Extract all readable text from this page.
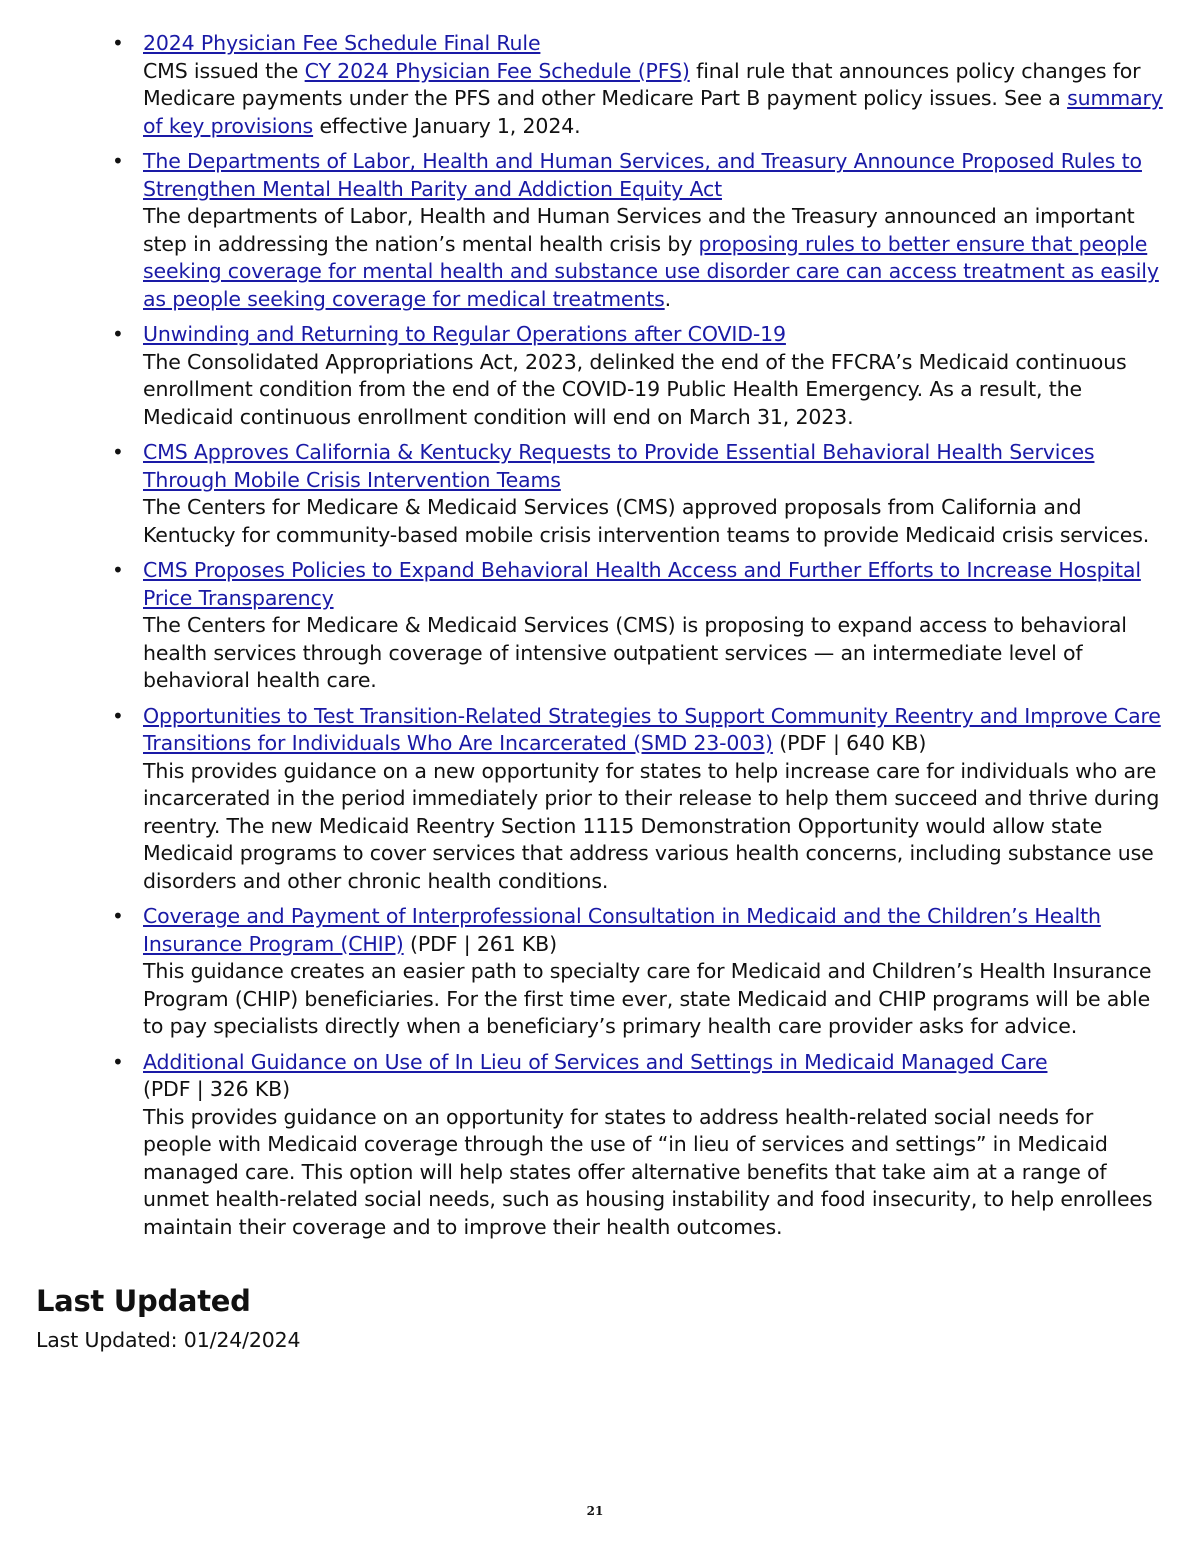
• 2024 Physician Fee Schedule Final Rule
CMS issued the CY 2024 Physician Fee Schedule (PFS) final rule that announces policy changes for Medicare payments under the PFS and other Medicare Part B payment policy issues. See a summary of key provisions effective January 1, 2024.
• The Departments of Labor, Health and Human Services, and Treasury Announce Proposed Rules to Strengthen Mental Health Parity and Addiction Equity Act
The departments of Labor, Health and Human Services and the Treasury announced an important step in addressing the nation’s mental health crisis by proposing rules to better ensure that people seeking coverage for mental health and substance use disorder care can access treatment as easily as people seeking coverage for medical treatments.
• Unwinding and Returning to Regular Operations after COVID-19
The Consolidated Appropriations Act, 2023, delinked the end of the FFCRA’s Medicaid continuous enrollment condition from the end of the COVID-19 Public Health Emergency. As a result, the Medicaid continuous enrollment condition will end on March 31, 2023.
• CMS Approves California & Kentucky Requests to Provide Essential Behavioral Health Services Through Mobile Crisis Intervention Teams
The Centers for Medicare & Medicaid Services (CMS) approved proposals from California and Kentucky for community-based mobile crisis intervention teams to provide Medicaid crisis services.
• CMS Proposes Policies to Expand Behavioral Health Access and Further Efforts to Increase Hospital Price Transparency
The Centers for Medicare & Medicaid Services (CMS) is proposing to expand access to behavioral health services through coverage of intensive outpatient services — an intermediate level of behavioral health care.
• Opportunities to Test Transition-Related Strategies to Support Community Reentry and Improve Care Transitions for Individuals Who Are Incarcerated (SMD 23-003) (PDF | 640 KB)
This provides guidance on a new opportunity for states to help increase care for individuals who are incarcerated in the period immediately prior to their release to help them succeed and thrive during reentry. The new Medicaid Reentry Section 1115 Demonstration Opportunity would allow state Medicaid programs to cover services that address various health concerns, including substance use disorders and other chronic health conditions.
• Coverage and Payment of Interprofessional Consultation in Medicaid and the Children’s Health Insurance Program (CHIP) (PDF | 261 KB)
This guidance creates an easier path to specialty care for Medicaid and Children’s Health Insurance Program (CHIP) beneficiaries. For the first time ever, state Medicaid and CHIP programs will be able to pay specialists directly when a beneficiary’s primary health care provider asks for advice.
• Additional Guidance on Use of In Lieu of Services and Settings in Medicaid Managed Care
(PDF | 326 KB)
This provides guidance on an opportunity for states to address health-related social needs for people with Medicaid coverage through the use of “in lieu of services and settings” in Medicaid managed care. This option will help states offer alternative benefits that take aim at a range of unmet health-related social needs, such as housing instability and food insecurity, to help enrollees maintain their coverage and to improve their health outcomes.
Last Updated
Last Updated: 01/24/2024
21
